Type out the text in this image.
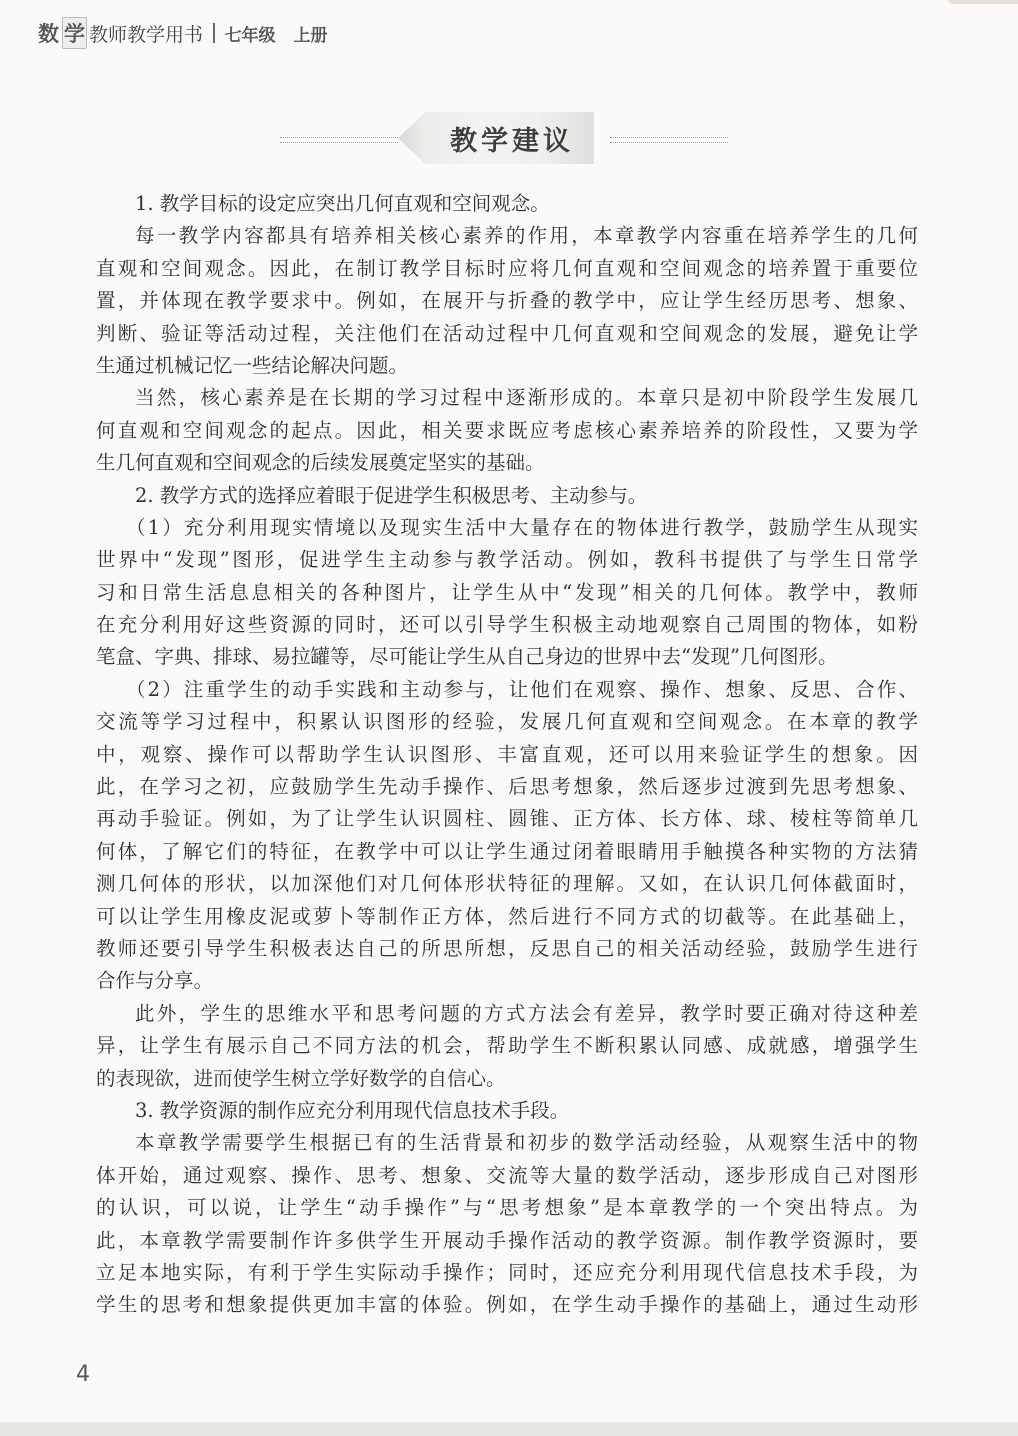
数 学 教师教学用书 七年级 上册
教学建议
1. 教学目标的设定应突出几何直观和空间观念。
每一教学内容都具有培养相关核心素养的作用，本章教学内容重在培养学生的几何
直观和空间观念。因此，在制订教学目标时应将几何直观和空间观念的培养置于重要位
置，并体现在教学要求中。例如，在展开与折叠的教学中，应让学生经历思考、想象、
判断、验证等活动过程，关注他们在活动过程中几何直观和空间观念的发展，避免让学
生通过机械记忆一些结论解决问题。
当然，核心素养是在长期的学习过程中逐渐形成的。本章只是初中阶段学生发展几
何直观和空间观念的起点。因此，相关要求既应考虑核心素养培养的阶段性，又要为学
生几何直观和空间观念的后续发展奠定坚实的基础。
2. 教学方式的选择应着眼于促进学生积极思考、主动参与。
（1）充分利用现实情境以及现实生活中大量存在的物体进行教学，鼓励学生从现实
世界中“发现”图形，促进学生主动参与教学活动。例如，教科书提供了与学生日常学
习和日常生活息息相关的各种图片，让学生从中“发现”相关的几何体。教学中，教师
在充分利用好这些资源的同时，还可以引导学生积极主动地观察自己周围的物体，如粉
笔盒、字典、排球、易拉罐等，尽可能让学生从自己身边的世界中去“发现”几何图形。
（2）注重学生的动手实践和主动参与，让他们在观察、操作、想象、反思、合作、
交流等学习过程中，积累认识图形的经验，发展几何直观和空间观念。在本章的教学
中，观察、操作可以帮助学生认识图形、丰富直观，还可以用来验证学生的想象。因
此，在学习之初，应鼓励学生先动手操作、后思考想象，然后逐步过渡到先思考想象、
再动手验证。例如，为了让学生认识圆柱、圆锥、正方体、长方体、球、棱柱等简单几
何体，了解它们的特征，在教学中可以让学生通过闭着眼睛用手触摸各种实物的方法猜
测几何体的形状，以加深他们对几何体形状特征的理解。又如，在认识几何体截面时，
可以让学生用橡皮泥或萝卜等制作正方体，然后进行不同方式的切截等。在此基础上，
教师还要引导学生积极表达自己的所思所想，反思自己的相关活动经验，鼓励学生进行
合作与分享。
此外，学生的思维水平和思考问题的方式方法会有差异，教学时要正确对待这种差
异，让学生有展示自己不同方法的机会，帮助学生不断积累认同感、成就感，增强学生
的表现欲，进而使学生树立学好数学的自信心。
3. 教学资源的制作应充分利用现代信息技术手段。
本章教学需要学生根据已有的生活背景和初步的数学活动经验，从观察生活中的物
体开始，通过观察、操作、思考、想象、交流等大量的数学活动，逐步形成自己对图形
的认识，可以说，让学生“动手操作”与“思考想象”是本章教学的一个突出特点。为
此，本章教学需要制作许多供学生开展动手操作活动的教学资源。制作教学资源时，要
立足本地实际，有利于学生实际动手操作；同时，还应充分利用现代信息技术手段，为
学生的思考和想象提供更加丰富的体验。例如，在学生动手操作的基础上，通过生动形
4
